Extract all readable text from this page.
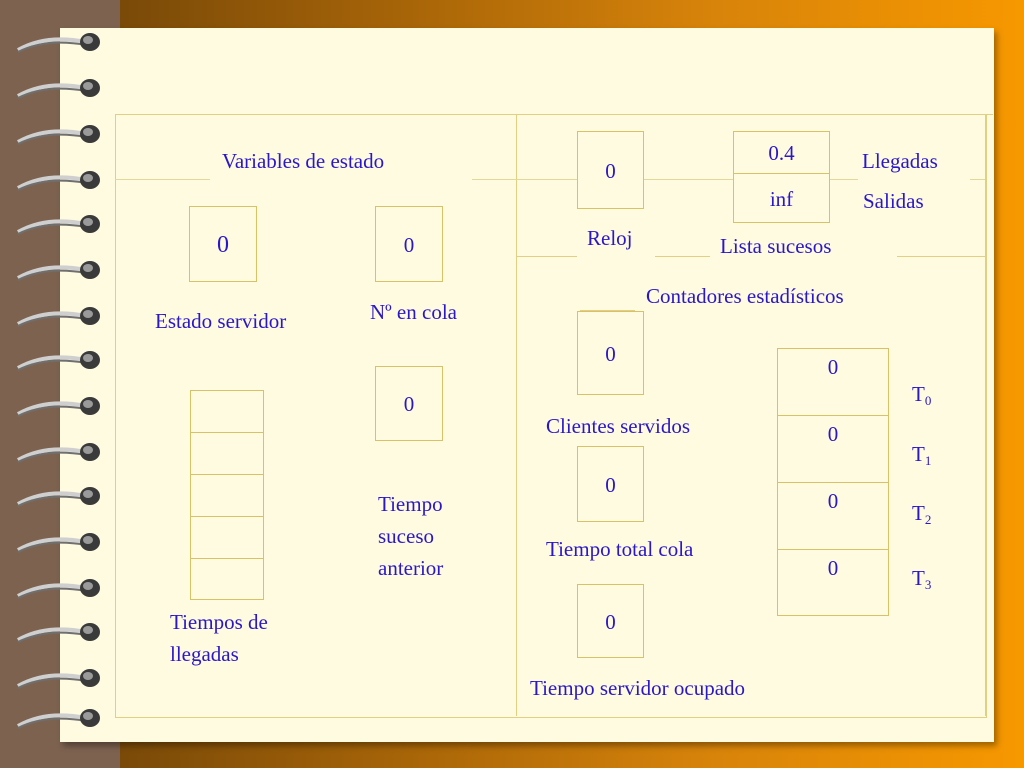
Variables de estado
0
Estado servidor
0
Nº en cola
0
Tiempo suceso anterior
Tiempos de llegadas
0
Reloj
0.4
inf
Llegadas
Salidas
Lista sucesos
Contadores estadísticos
0
Clientes servidos
0
Tiempo total cola
0
Tiempo servidor ocupado
0
0
0
0
$T_0$
$T_1$
$T_2$
$T_3$
